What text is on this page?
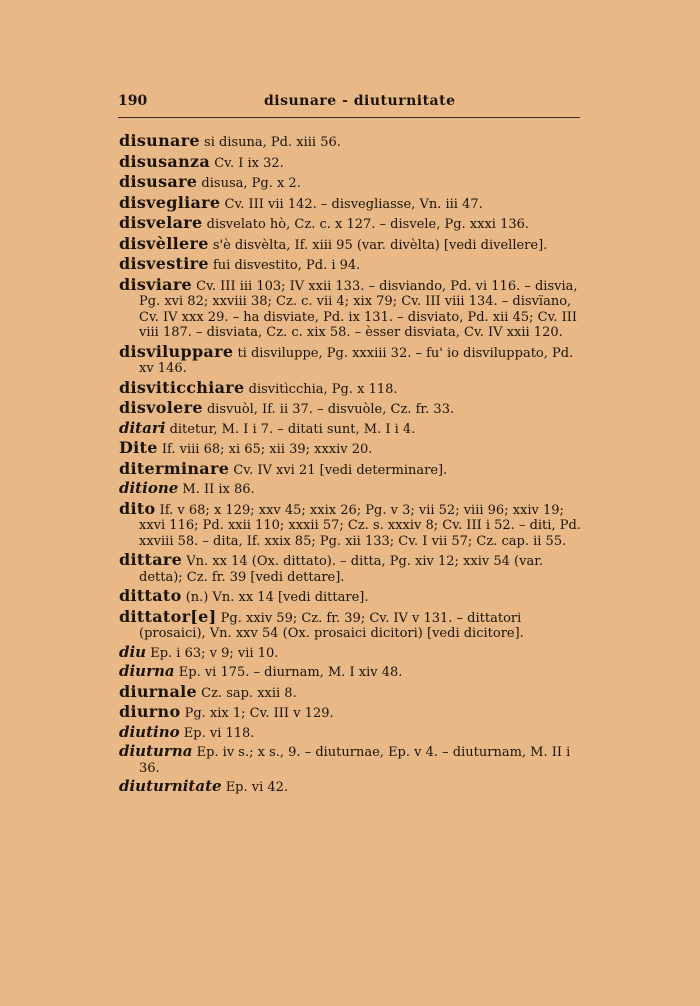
190	disunare - diuturnitate
disunare si disuna, Pd. xiii 56.
disusanza Cv. I ix 32.
disusare disusa, Pg. x 2.
disvegliare Cv. III vii 142. – disvegliasse, Vn. iii 47.
disvelare disvelato hò, Cz. c. x 127. – disvele, Pg. xxxi 136.
disvèllere s'è disvèlta, If. xiii 95 (var. divèlta) [vedi divellere].
disvestire fui disvestito, Pd. i 94.
disviare Cv. III iii 103; IV xxii 133. – disviando, Pd. vi 116. – disvia, Pg. xvi 82; xxviii 38; Cz. c. vii 4; xix 79; Cv. III viii 134. – disvïano, Cv. IV xxx 29. – ha disviate, Pd. ix 131. – disviato, Pd. xii 45; Cv. III viii 187. – disviata, Cz. c. xix 58. – èsser disviata, Cv. IV xxii 120.
disviluppare ti disviluppe, Pg. xxxiii 32. – fu' io disviluppato, Pd. xv 146.
disviticchiare disvitìcchia, Pg. x 118.
disvolere disvuòl, If. ii 37. – disvuòle, Cz. fr. 33.
ditari ditetur, M. I i 7. – ditati sunt, M. I i 4.
Dite If. viii 68; xi 65; xii 39; xxxiv 20.
diterminare Cv. IV xvi 21 [vedi determinare].
ditione M. II ix 86.
dito If. v 68; x 129; xxv 45; xxix 26; Pg. v 3; vii 52; viii 96; xxiv 19; xxvi 116; Pd. xxii 110; xxxii 57; Cz. s. xxxiv 8; Cv. III i 52. – diti, Pd. xxviii 58. – dita, If. xxix 85; Pg. xii 133; Cv. I vii 57; Cz. cap. ii 55.
dittare Vn. xx 14 (Ox. dittato). – ditta, Pg. xiv 12; xxiv 54 (var. detta); Cz. fr. 39 [vedi dettare].
dittato (n.) Vn. xx 14 [vedi dittare].
dittator[e] Pg. xxiv 59; Cz. fr. 39; Cv. IV v 131. – dittatori (prosaici), Vn. xxv 54 (Ox. prosaici dicitori) [vedi dicitore].
diu Ep. i 63; v 9; vii 10.
diurna Ep. vi 175. – diurnam, M. I xiv 48.
diurnale Cz. sap. xxii 8.
diurno Pg. xix 1; Cv. III v 129.
diutino Ep. vi 118.
diuturna Ep. iv s.; x s., 9. – diuturnae, Ep. v 4. – diuturnam, M. II i 36.
diuturnitate Ep. vi 42.
